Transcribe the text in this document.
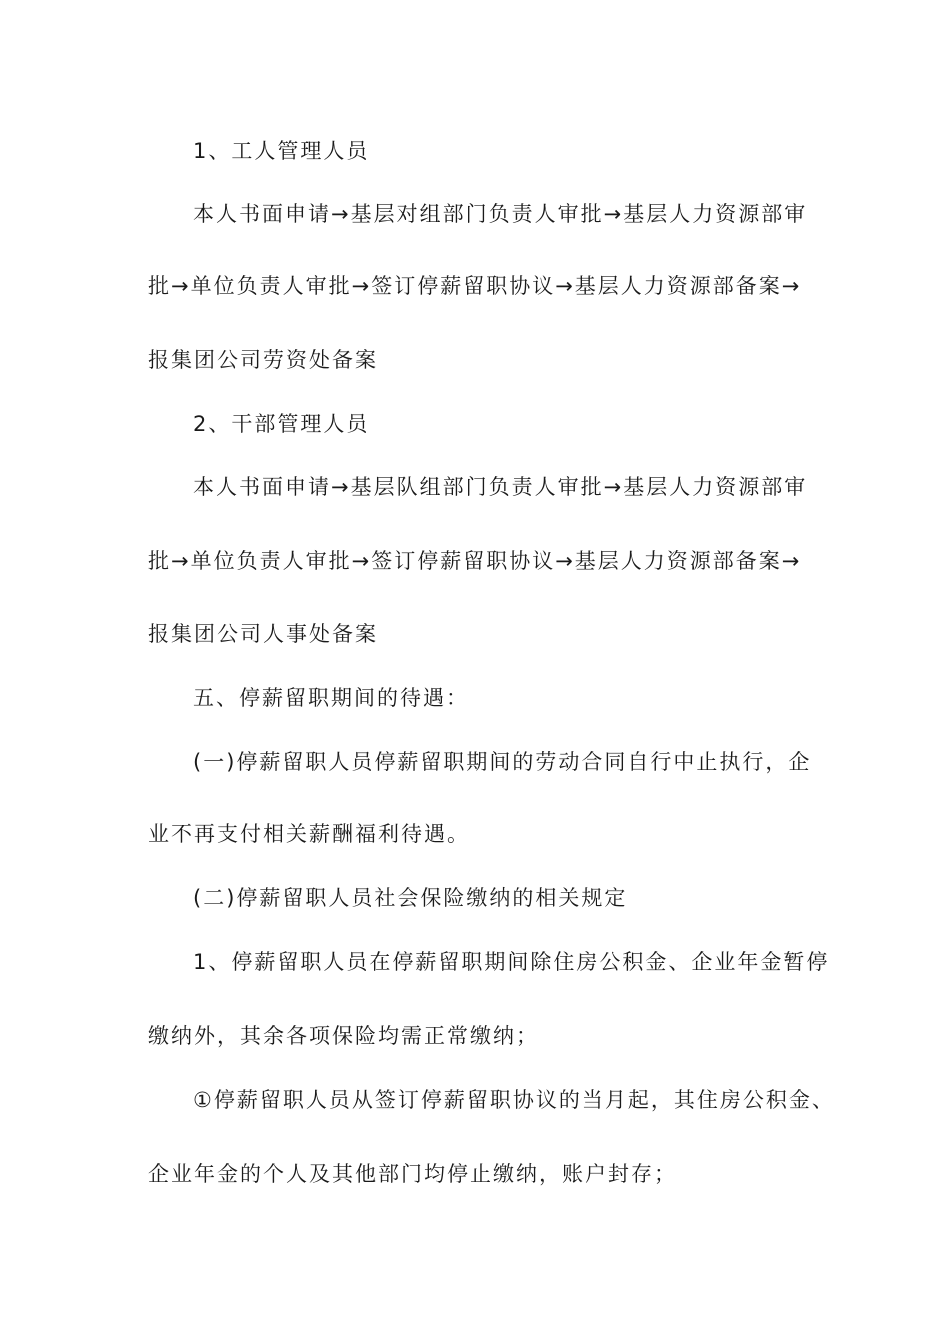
1、工人管理人员
本人书面申请→基层对组部门负责人审批→基层人力资源部审
批→单位负责人审批→签订停薪留职协议→基层人力资源部备案→
报集团公司劳资处备案
2、干部管理人员
本人书面申请→基层队组部门负责人审批→基层人力资源部审
批→单位负责人审批→签订停薪留职协议→基层人力资源部备案→
报集团公司人事处备案
五、停薪留职期间的待遇：
(一)停薪留职人员停薪留职期间的劳动合同自行中止执行，企
业不再支付相关薪酬福利待遇。
(二)停薪留职人员社会保险缴纳的相关规定
1、停薪留职人员在停薪留职期间除住房公积金、企业年金暂停
缴纳外，其余各项保险均需正常缴纳；
①停薪留职人员从签订停薪留职协议的当月起，其住房公积金、
企业年金的个人及其他部门均停止缴纳，账户封存；
